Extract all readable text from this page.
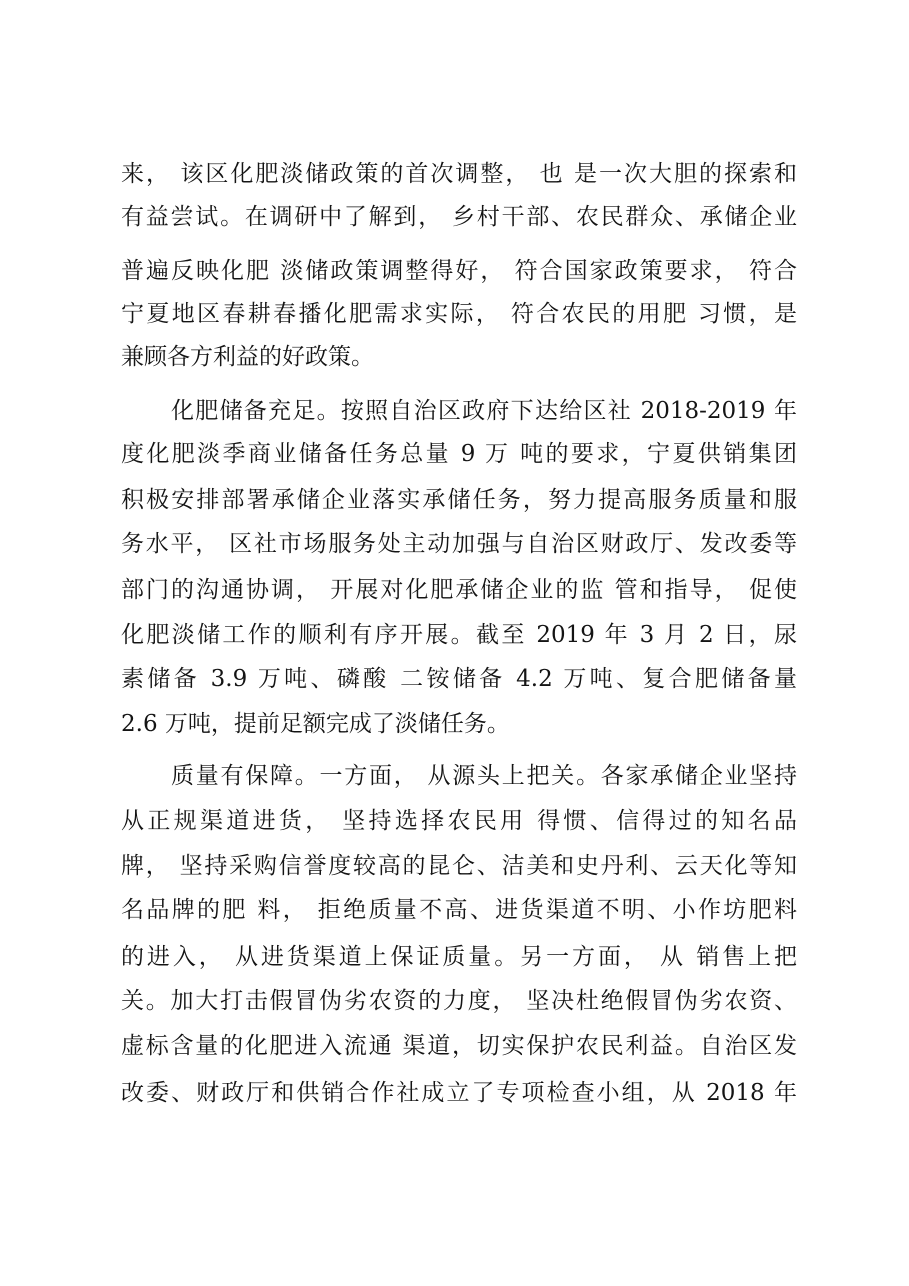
来， 该区化肥淡储政策的首次调整， 也 是一次大胆的探索和
有益尝试。在调研中了解到， 乡村干部、农民群众、承储企业
普遍反映化肥 淡储政策调整得好， 符合国家政策要求， 符合
宁夏地区春耕春播化肥需求实际， 符合农民的用肥 习惯，是
兼顾各方利益的好政策。
化肥储备充足。按照自治区政府下达给区社 2018-2019 年
度化肥淡季商业储备任务总量 9 万 吨的要求，宁夏供销集团
积极安排部署承储企业落实承储任务，努力提高服务质量和服
务水平， 区社市场服务处主动加强与自治区财政厅、发改委等
部门的沟通协调， 开展对化肥承储企业的监 管和指导， 促使
化肥淡储工作的顺利有序开展。截至 2019 年 3 月 2 日，尿
素储备 3.9 万吨、磷酸 二铵储备 4.2 万吨、复合肥储备量
2.6 万吨，提前足额完成了淡储任务。
质量有保障。一方面， 从源头上把关。各家承储企业坚持
从正规渠道进货， 坚持选择农民用 得惯、信得过的知名品
牌， 坚持采购信誉度较高的昆仑、洁美和史丹利、云天化等知
名品牌的肥 料， 拒绝质量不高、进货渠道不明、小作坊肥料
的进入， 从进货渠道上保证质量。另一方面， 从 销售上把
关。加大打击假冒伪劣农资的力度， 坚决杜绝假冒伪劣农资、
虚标含量的化肥进入流通 渠道，切实保护农民利益。自治区发
改委、财政厅和供销合作社成立了专项检查小组，从 2018 年
